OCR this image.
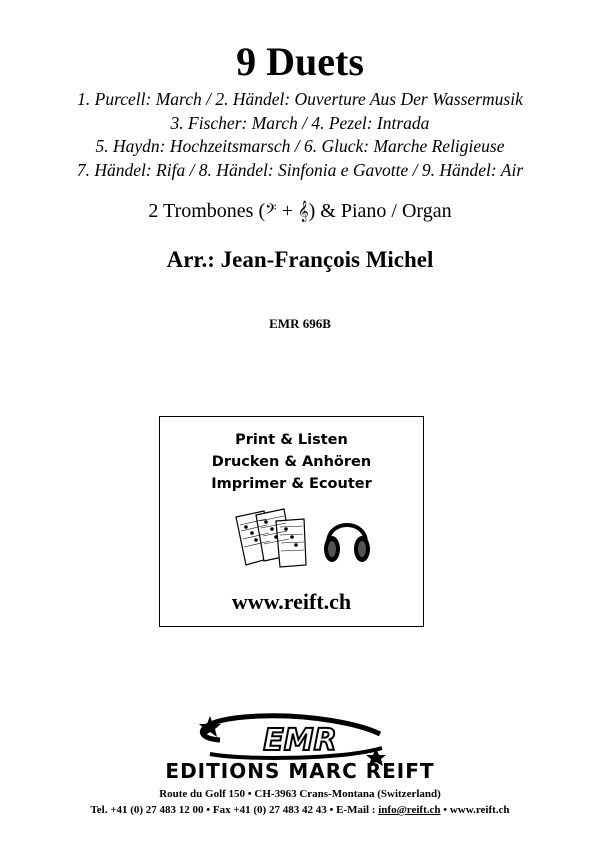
9 Duets
1. Purcell: March / 2. Händel: Ouverture Aus Der Wassermusik
3. Fischer: March / 4. Pezel: Intrada
5. Haydn: Hochzeitsmarsch / 6. Gluck: Marche Religieuse
7. Händel: Rifa / 8. Händel: Sinfonia e Gavotte / 9. Händel: Air
2 Trombones (𝄢 + 𝄞) & Piano / Organ
Arr.: Jean-François Michel
EMR 696B
Print & Listen
Drucken & Anhören
Imprimer & Ecouter
www.reift.ch
EMR
EDITIONS MARC REIFT
Route du Golf 150 • CH-3963 Crans-Montana (Switzerland)
Tel. +41 (0) 27 483 12 00 • Fax +41 (0) 27 483 42 43 • E-Mail : info@reift.ch • www.reift.ch
